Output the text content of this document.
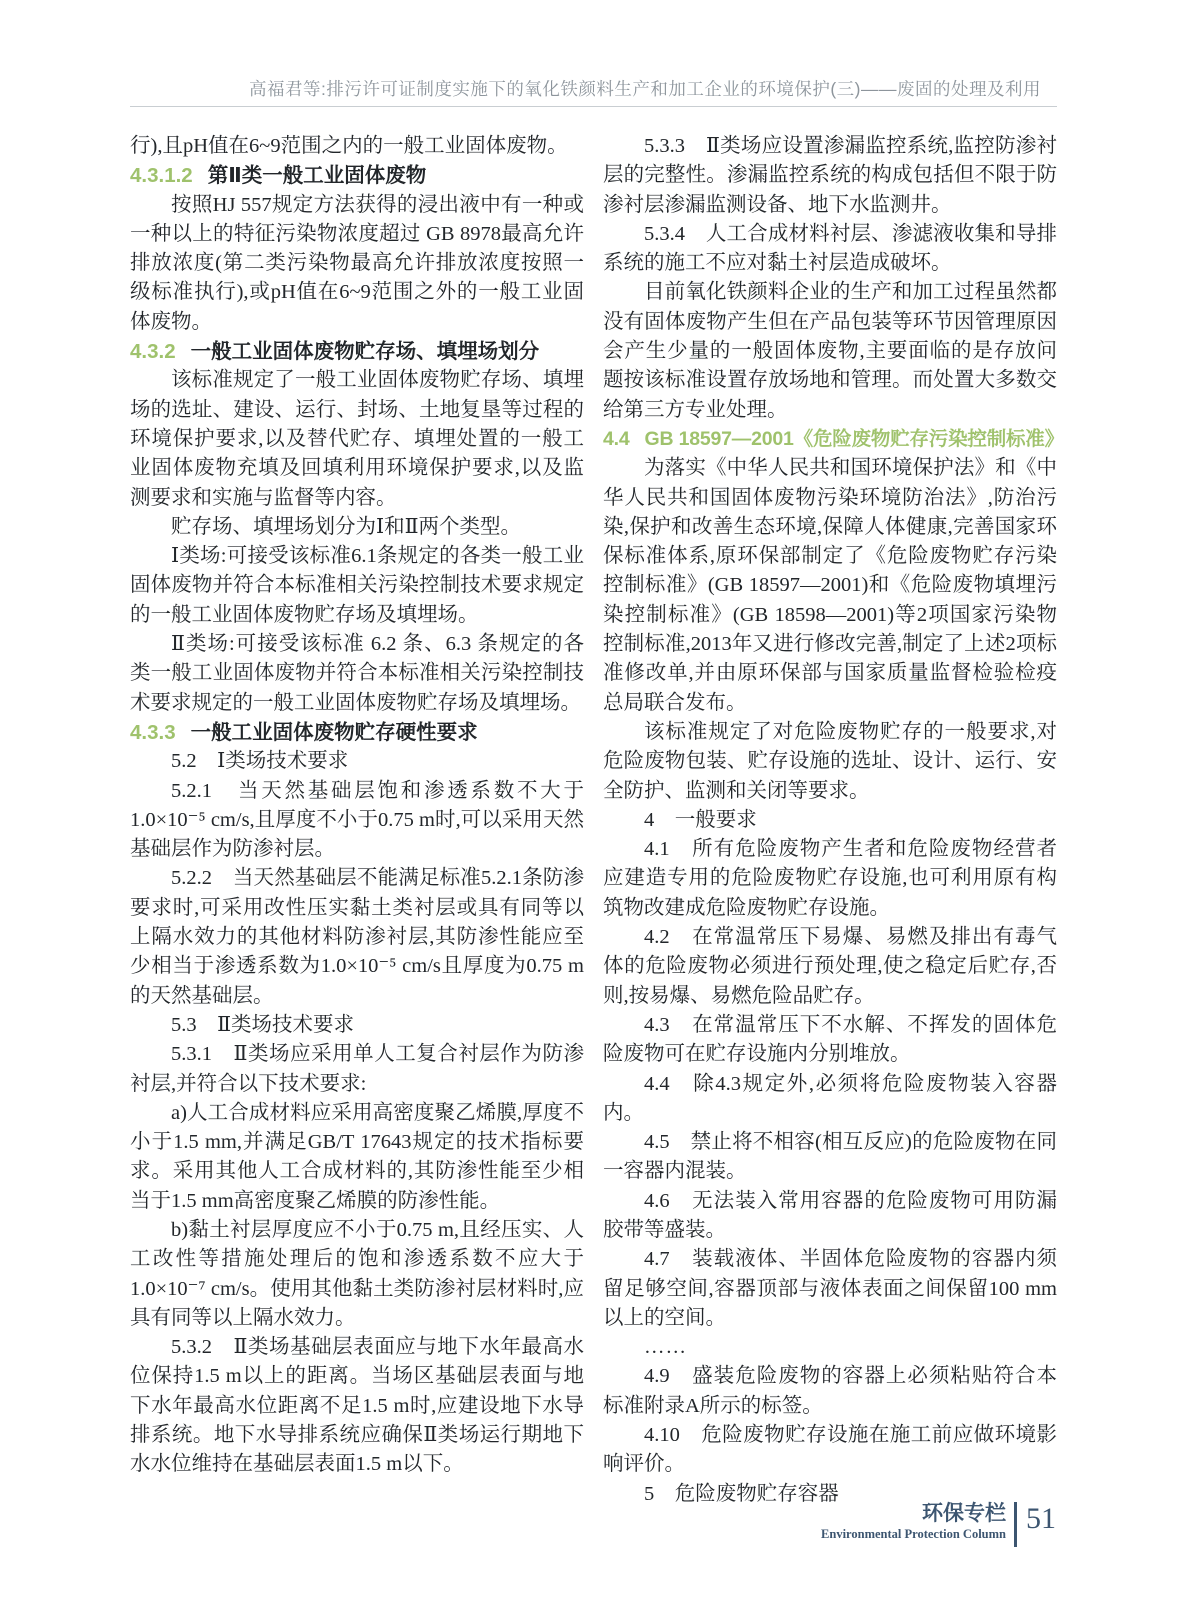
高福君等:排污许可证制度实施下的氧化铁颜料生产和加工企业的环境保护(三)——废固的处理及利用

行),且pH值在6~9范围之内的一般工业固体废物。

4.3.1.2 第Ⅱ类一般工业固体废物

按照HJ 557规定方法获得的浸出液中有一种或一种以上的特征污染物浓度超过 GB 8978最高允许排放浓度(第二类污染物最高允许排放浓度按照一级标准执行),或pH值在6~9范围之外的一般工业固体废物。

4.3.2 一般工业固体废物贮存场、填埋场划分

该标准规定了一般工业固体废物贮存场、填埋场的选址、建设、运行、封场、土地复垦等过程的环境保护要求,以及替代贮存、填埋处置的一般工业固体废物充填及回填利用环境保护要求,以及监测要求和实施与监督等内容。

贮存场、填埋场划分为Ⅰ和Ⅱ两个类型。

Ⅰ类场:可接受该标准6.1条规定的各类一般工业固体废物并符合本标准相关污染控制技术要求规定的一般工业固体废物贮存场及填埋场。

Ⅱ类场:可接受该标准 6.2 条、6.3 条规定的各类一般工业固体废物并符合本标准相关污染控制技术要求规定的一般工业固体废物贮存场及填埋场。

4.3.3 一般工业固体废物贮存硬性要求

5.2　Ⅰ类场技术要求

5.2.1　当天然基础层饱和渗透系数不大于1.0×10⁻⁵ cm/s,且厚度不小于0.75 m时,可以采用天然基础层作为防渗衬层。

5.2.2　当天然基础层不能满足标准5.2.1条防渗要求时,可采用改性压实黏土类衬层或具有同等以上隔水效力的其他材料防渗衬层,其防渗性能应至少相当于渗透系数为1.0×10⁻⁵ cm/s且厚度为0.75 m的天然基础层。

5.3　Ⅱ类场技术要求

5.3.1　Ⅱ类场应采用单人工复合衬层作为防渗衬层,并符合以下技术要求:

a)人工合成材料应采用高密度聚乙烯膜,厚度不小于1.5 mm,并满足GB/T 17643规定的技术指标要求。采用其他人工合成材料的,其防渗性能至少相当于1.5 mm高密度聚乙烯膜的防渗性能。

b)黏土衬层厚度应不小于0.75 m,且经压实、人工改性等措施处理后的饱和渗透系数不应大于1.0×10⁻⁷ cm/s。使用其他黏土类防渗衬层材料时,应具有同等以上隔水效力。

5.3.2　Ⅱ类场基础层表面应与地下水年最高水位保持1.5 m以上的距离。当场区基础层表面与地下水年最高水位距离不足1.5 m时,应建设地下水导排系统。地下水导排系统应确保Ⅱ类场运行期地下水水位维持在基础层表面1.5 m以下。

5.3.3　Ⅱ类场应设置渗漏监控系统,监控防渗衬层的完整性。渗漏监控系统的构成包括但不限于防渗衬层渗漏监测设备、地下水监测井。

5.3.4　人工合成材料衬层、渗滤液收集和导排系统的施工不应对黏土衬层造成破坏。

目前氧化铁颜料企业的生产和加工过程虽然都没有固体废物产生但在产品包装等环节因管理原因会产生少量的一般固体废物,主要面临的是存放问题按该标准设置存放场地和管理。而处置大多数交给第三方专业处理。

4.4 GB 18597—2001《危险废物贮存污染控制标准》

为落实《中华人民共和国环境保护法》和《中华人民共和国固体废物污染环境防治法》,防治污染,保护和改善生态环境,保障人体健康,完善国家环保标准体系,原环保部制定了《危险废物贮存污染控制标准》(GB 18597—2001)和《危险废物填埋污染控制标准》(GB 18598—2001)等2项国家污染物控制标准,2013年又进行修改完善,制定了上述2项标准修改单,并由原环保部与国家质量监督检验检疫总局联合发布。

该标准规定了对危险废物贮存的一般要求,对危险废物包装、贮存设施的选址、设计、运行、安全防护、监测和关闭等要求。

4　一般要求

4.1　所有危险废物产生者和危险废物经营者应建造专用的危险废物贮存设施,也可利用原有构筑物改建成危险废物贮存设施。

4.2　在常温常压下易爆、易燃及排出有毒气体的危险废物必须进行预处理,使之稳定后贮存,否则,按易爆、易燃危险品贮存。

4.3　在常温常压下不水解、不挥发的固体危险废物可在贮存设施内分别堆放。

4.4　除4.3规定外,必须将危险废物装入容器内。

4.5　禁止将不相容(相互反应)的危险废物在同一容器内混装。

4.6　无法装入常用容器的危险废物可用防漏胶带等盛装。

4.7　装载液体、半固体危险废物的容器内须留足够空间,容器顶部与液体表面之间保留100 mm以上的空间。

……

4.9　盛装危险废物的容器上必须粘贴符合本标准附录A所示的标签。

4.10　危险废物贮存设施在施工前应做环境影响评价。

5　危险废物贮存容器

环保专栏
Environmental Protection Column 51
